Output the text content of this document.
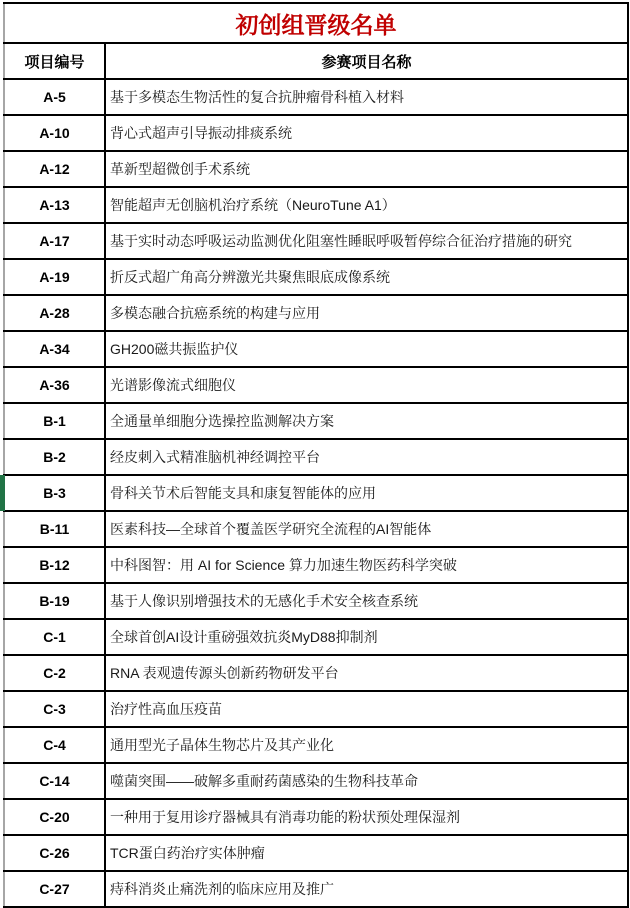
初创组晋级名单	
项目编号	参赛项目名称
A-5	基于多模态生物活性的复合抗肿瘤骨科植入材料
A-10	背心式超声引导振动排痰系统
A-12	革新型超微创手术系统
A-13	智能超声无创脑机治疗系统（NeuroTune A1）
A-17	基于实时动态呼吸运动监测优化阻塞性睡眠呼吸暂停综合征治疗措施的研究
A-19	折反式超广角高分辨激光共聚焦眼底成像系统
A-28	多模态融合抗癌系统的构建与应用
A-34	GH200磁共振监护仪
A-36	光谱影像流式细胞仪
B-1	全通量单细胞分选操控监测解决方案
B-2	经皮刺入式精准脑机神经调控平台
B-3	骨科关节术后智能支具和康复智能体的应用
B-11	医素科技—全球首个覆盖医学研究全流程的AI智能体
B-12	中科图智：用 AI for Science 算力加速生物医药科学突破
B-19	基于人像识别增强技术的无感化手术安全核查系统
C-1	全球首创AI设计重磅强效抗炎MyD88抑制剂
C-2	RNA 表观遗传源头创新药物研发平台
C-3	治疗性高血压疫苗
C-4	通用型光子晶体生物芯片及其产业化
C-14	噬菌突围——破解多重耐药菌感染的生物科技革命
C-20	一种用于复用诊疗器械具有消毒功能的粉状预处理保湿剂
C-26	TCR蛋白药治疗实体肿瘤
C-27	痔科消炎止痛洗剂的临床应用及推广
